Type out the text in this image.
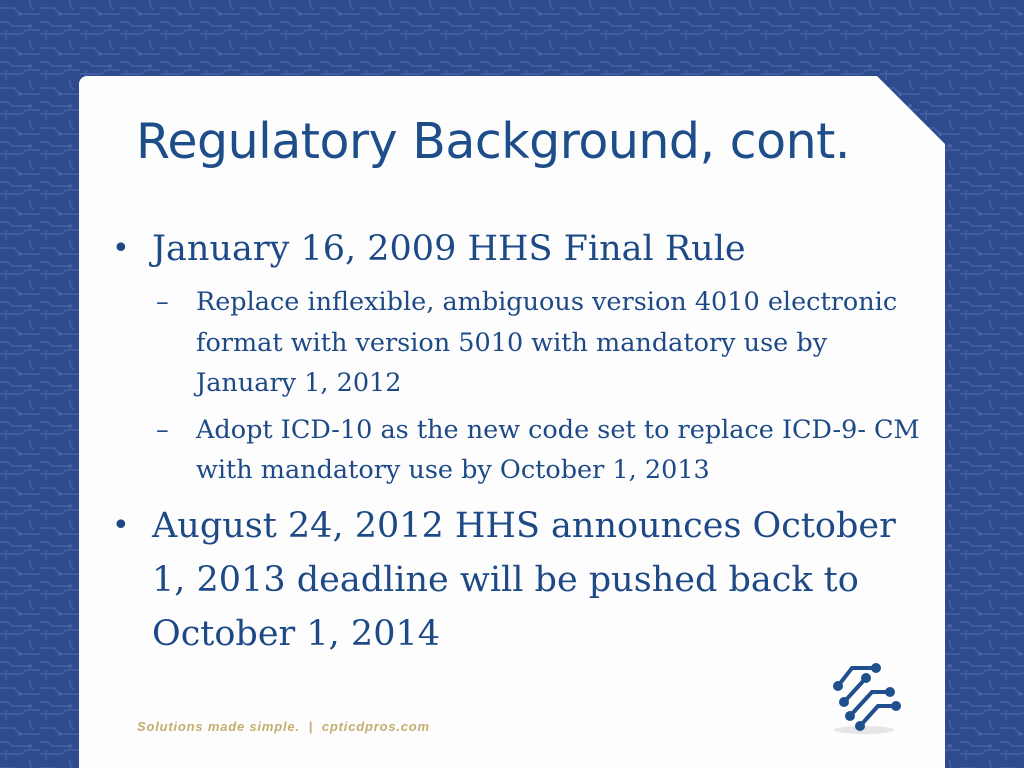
Regulatory Background, cont.
• January 16, 2009 HHS Final Rule
– Replace inflexible, ambiguous version 4010 electronic format with version 5010 with mandatory use by January 1, 2012
– Adopt ICD-10 as the new code set to replace ICD-9- CM with mandatory use by October 1, 2013
• August 24, 2012 HHS announces October 1, 2013 deadline will be pushed back to October 1, 2014
Solutions made simple. | cpticdpros.com
